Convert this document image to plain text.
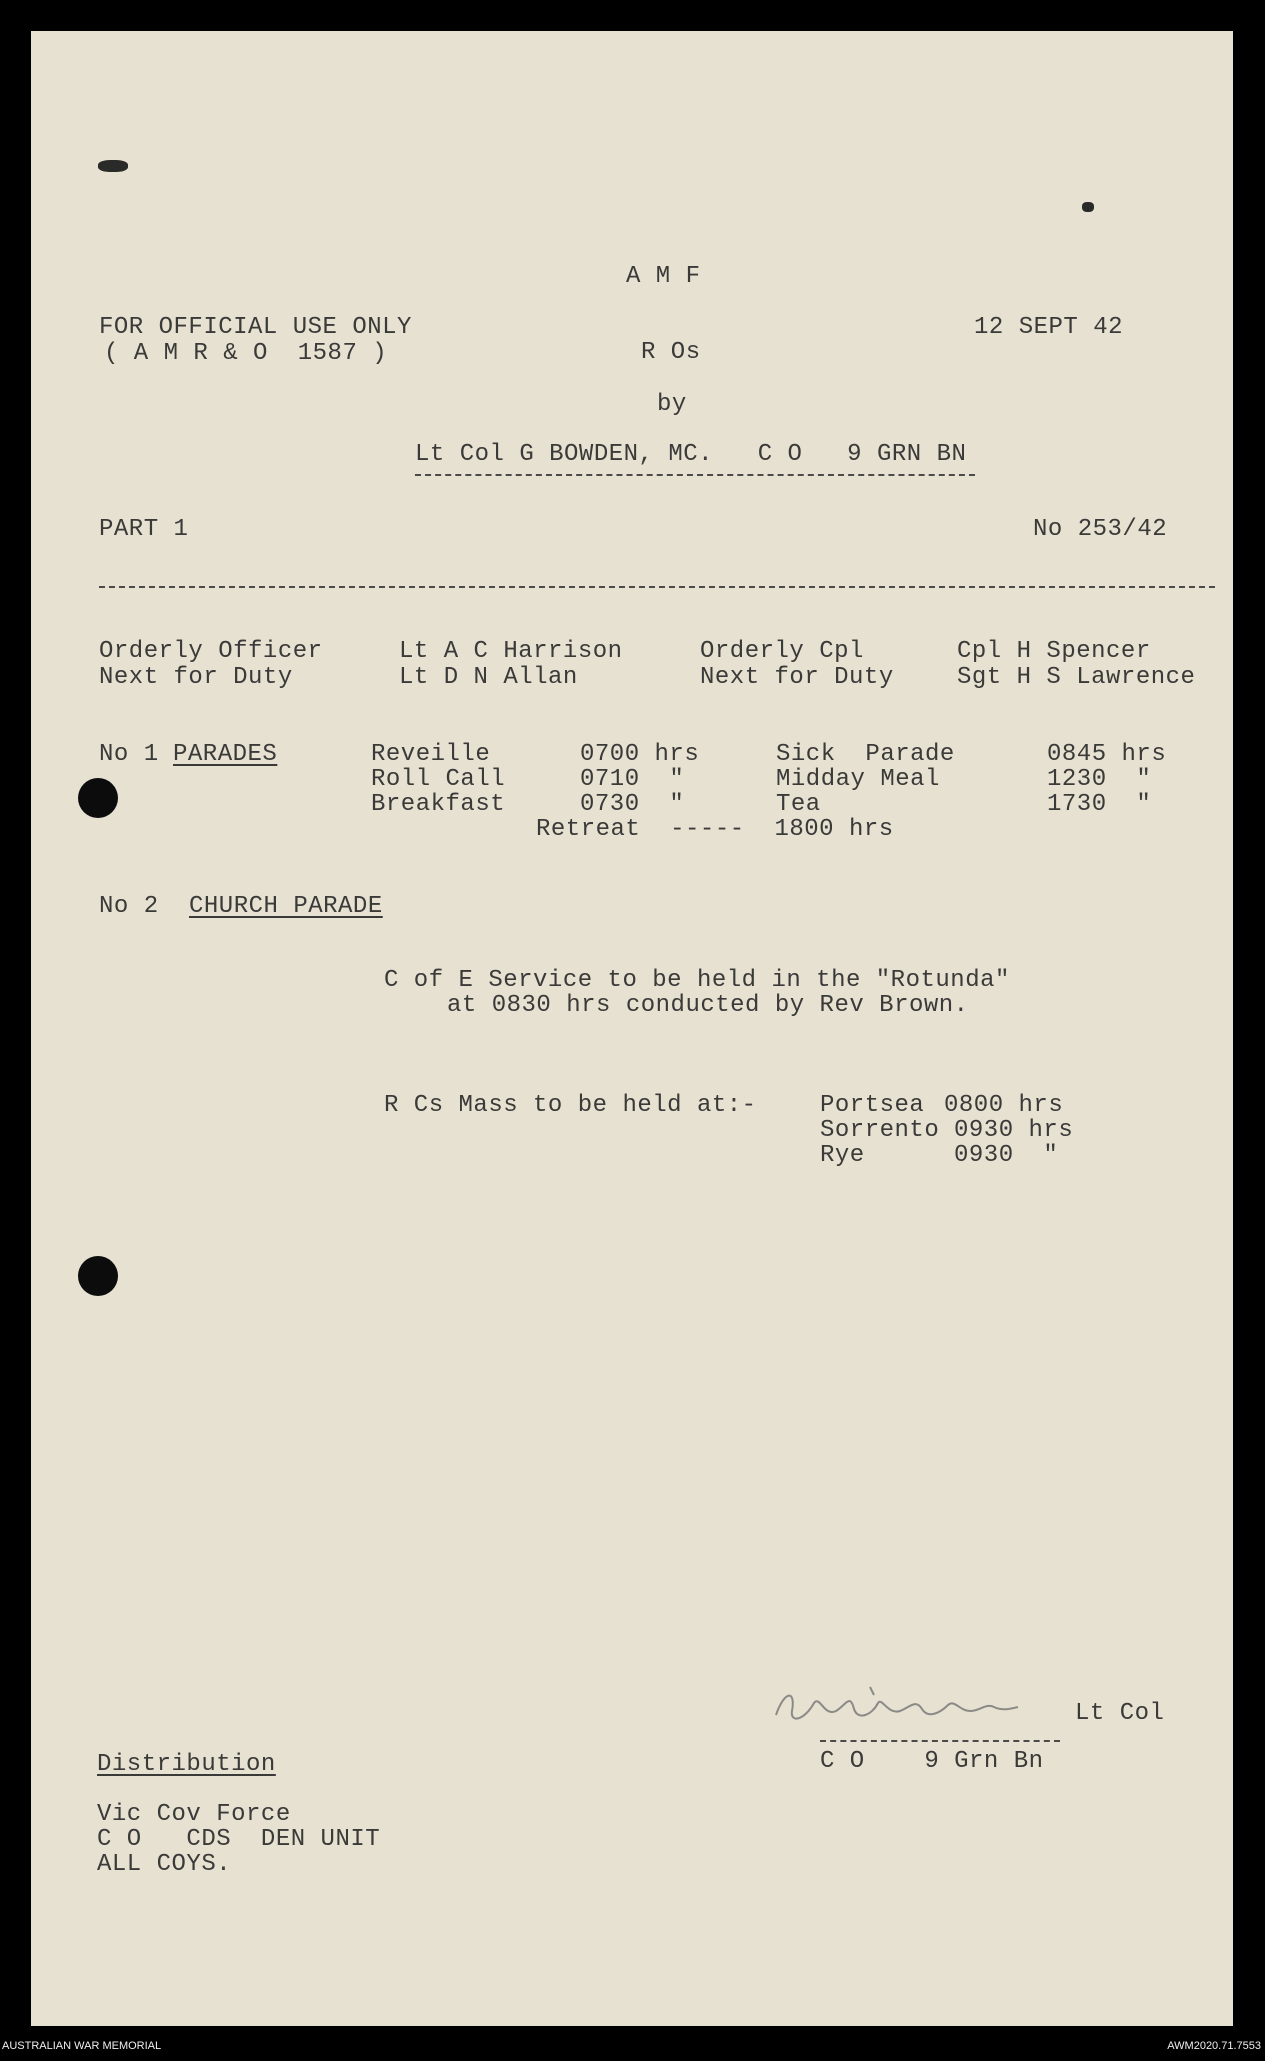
A M F
FOR OFFICIAL USE ONLY
( A M R & O  1587 )
12 SEPT 42
R Os
by
Lt Col G BOWDEN, MC.   C O   9 GRN BN
PART 1	No 253/42
Orderly Officer	Lt A C Harrison	Orderly Cpl	Cpl H Spencer
Next for Duty	Lt D N Allan	Next for Duty	Sgt H S Lawrence
No 1 PARADES	Reveille	0700 hrs	Sick  Parade	0845 hrs
Roll Call	0710  "	Midday Meal	1230  "
Breakfast	0730  "	Tea	1730  "
Retreat  -----  1800 hrs
No 2 CHURCH PARADE
C of E Service to be held in the "Rotunda"
at 0830 hrs conducted by Rev Brown.
R Cs Mass to be held at:-	Portsea 0800 hrs
Sorrento 0930 hrs
Rye	0930  "
Lt Col
C O    9 Grn Bn
Distribution
Vic Cov Force
C O   CDS  DEN UNIT
ALL COYS.
AUSTRALIAN WAR MEMORIAL	AWM2020.71.7553
